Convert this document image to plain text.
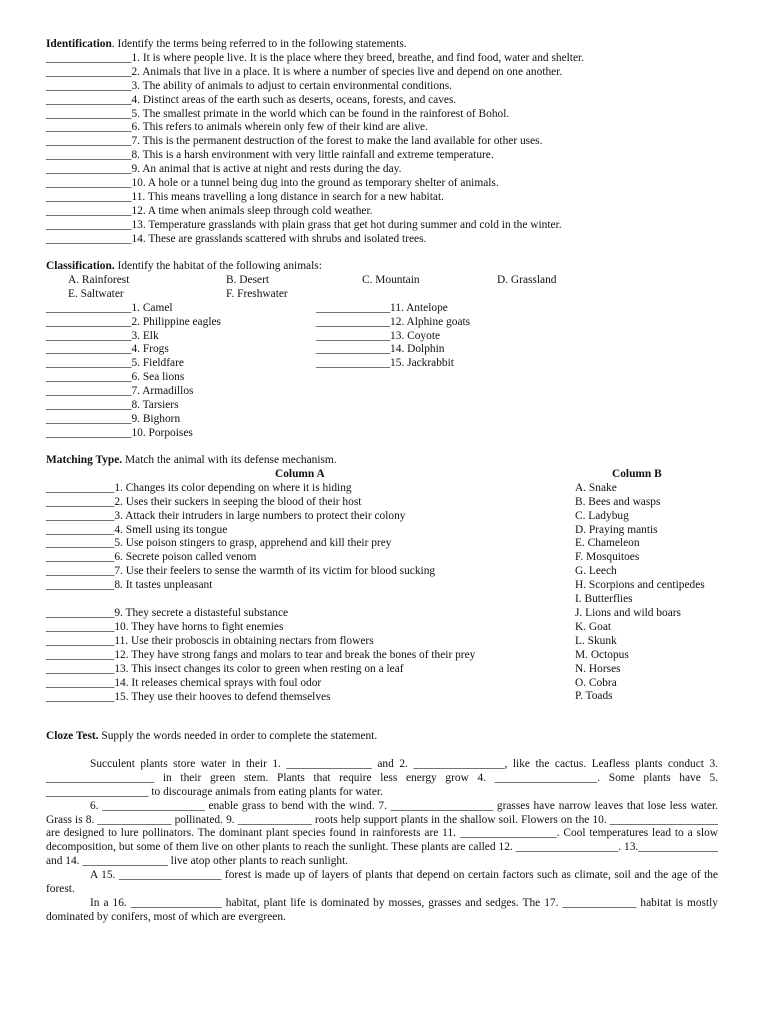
Identification. Identify the terms being referred to in the following statements.
_______________1. It is where people live. It is the place where they breed, breathe, and find food, water and shelter.
_______________2. Animals that live in a place. It is where a number of species live and depend on one another.
_______________3. The ability of animals to adjust to certain environmental conditions.
_______________4. Distinct areas of the earth such as deserts, oceans, forests, and caves.
_______________5. The smallest primate in the world which can be found in the rainforest of Bohol.
_______________6. This refers to animals wherein only few of their kind are alive.
_______________7. This is the permanent destruction of the forest to make the land available for other uses.
_______________8. This is a harsh environment with very little rainfall and extreme temperature.
_______________9. An animal that is active at night and rests during the day.
_______________10. A hole or a tunnel being dug into the ground as temporary shelter of animals.
_______________11. This means travelling a long distance in search for a new habitat.
_______________12. A time when animals sleep through cold weather.
_______________13. Temperature grasslands with plain grass that get hot during summer and cold in the winter.
_______________14. These are grasslands scattered with shrubs and isolated trees.
Classification. Identify the habitat of the following animals:
A. Rainforest	B. Desert	C. Mountain	D. Grassland
E. Saltwater	F. Freshwater
_______________1. Camel
_______________2. Philippine eagles
_______________3. Elk
_______________4. Frogs
_______________5. Fieldfare
_______________6. Sea lions
_______________7. Armadillos
_______________8. Tarsiers
_______________9. Bighorn
_______________10. Porpoises
_____________11. Antelope
_____________12. Alphine goats
_____________13. Coyote
_____________14. Dolphin
_____________15. Jackrabbit
Matching Type. Match the animal with its defense mechanism.
Column A
____________1. Changes its color depending on where it is hiding
____________2. Uses their suckers in seeping the blood of their host
____________3. Attack their intruders in large numbers to protect their colony
____________4. Smell using its tongue
____________5. Use poison stingers to grasp, apprehend and kill their prey
____________6. Secrete poison called venom
____________7. Use their feelers to sense the warmth of its victim for blood sucking
____________8. It tastes unpleasant
____________9. They secrete a distasteful substance
____________10. They have horns to fight enemies
____________11. Use their proboscis in obtaining nectars from flowers
____________12. They have strong fangs and molars to tear and break the bones of their prey
____________13. This insect changes its color to green when resting on a leaf
____________14. It releases chemical sprays with foul odor
____________15. They use their hooves to defend themselves
Column B
A. Snake
B. Bees and wasps
C. Ladybug
D. Praying mantis
E. Chameleon
F. Mosquitoes
G. Leech
H. Scorpions and centipedes
I. Butterflies
J. Lions and wild boars
K. Goat
L. Skunk
M. Octopus
N. Horses
O. Cobra
P. Toads
Cloze Test. Supply the words needed in order to complete the statement.
Succulent plants store water in their 1. _______________ and 2. ________________, like the cactus. Leafless plants conduct 3. ___________________ in their green stem. Plants that require less energy grow 4. __________________. Some plants have 5. __________________ to discourage animals from eating plants for water.
6. __________________ enable grass to bend with the wind. 7. __________________ grasses have narrow leaves that lose less water. Grass is 8. _____________ pollinated. 9. _____________ roots help support plants in the shallow soil. Flowers on the 10. ___________________ are designed to lure pollinators. The dominant plant species found in rainforests are 11. _________________. Cool temperatures lead to a slow decomposition, but some of them live on other plants to reach the sunlight. These plants are called 12. __________________. 13.______________ and 14. _______________ live atop other plants to reach sunlight.
A 15. __________________ forest is made up of layers of plants that depend on certain factors such as climate, soil and the age of the forest.
In a 16. ________________ habitat, plant life is dominated by mosses, grasses and sedges. The 17. _____________ habitat is mostly dominated by conifers, most of which are evergreen.
